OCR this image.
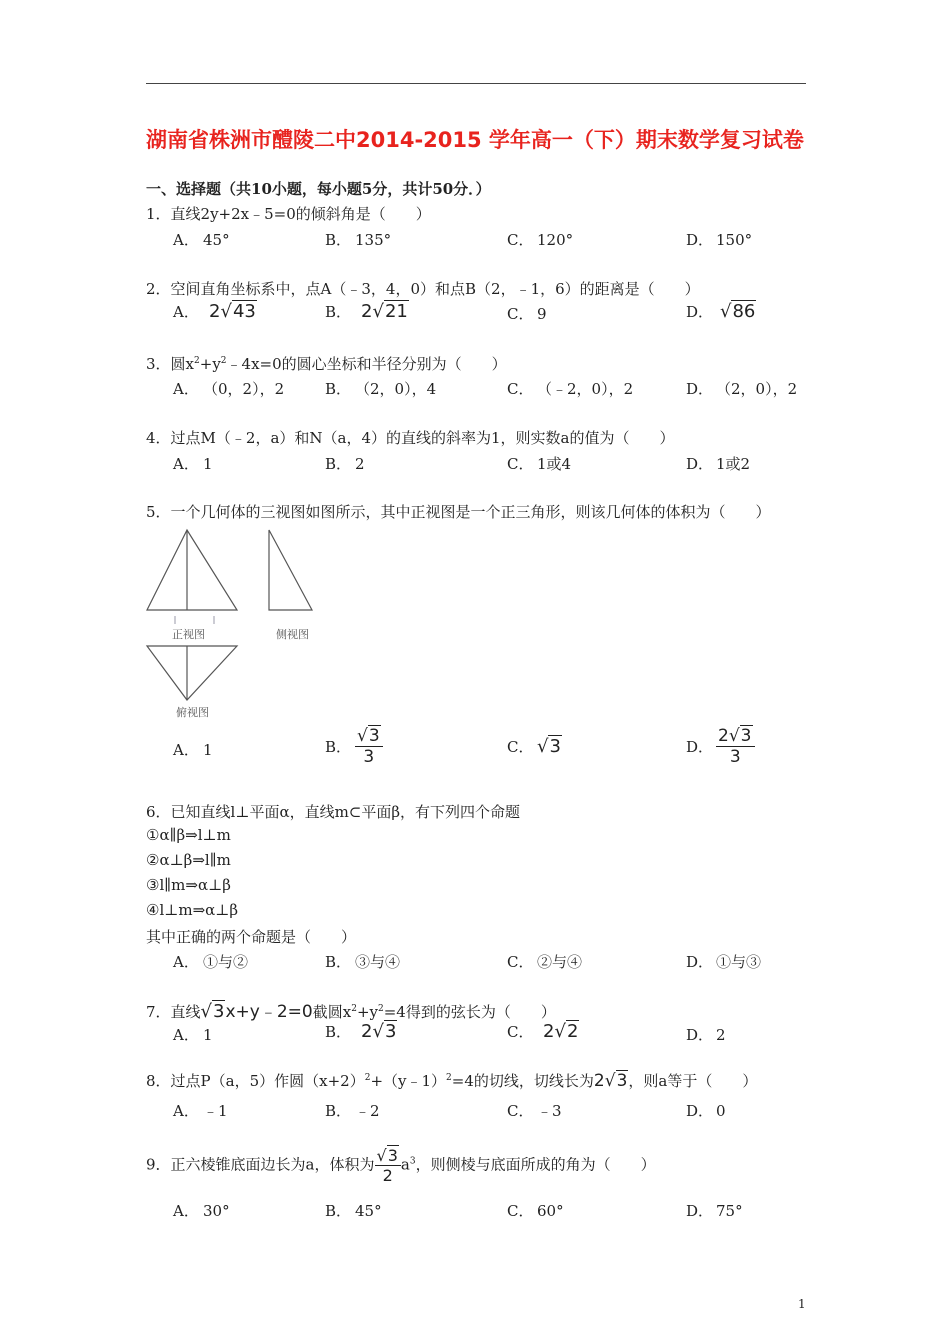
湖南省株洲市醴陵二中2014-2015 学年高一（下）期末数学复习试卷
一、选择题（共10小题，每小题5分，共计50分．）
1．直线2y+2x﹣5=0的倾斜角是（　　）
A． 45°	B． 135°	C． 120°	D． 150°
2．空间直角坐标系中，点A（﹣3，4，0）和点B（2，﹣1，6）的距离是（　　）
A． 2√43	B． 2√21	C． 9	D． √86
3．圆$x^2+y^2﹣4x=0$的圆心坐标和半径分别为（　　）
A． （0，2），2	B． （2，0），4	C． （﹣2，0），2	D． （2，0），2
4．过点M（﹣2，a）和N（a，4）的直线的斜率为1，则实数a的值为（　　）
A． 1	B． 2	C． 1或4	D． 1或2
5．一个几何体的三视图如图所示，其中正视图是一个正三角形，则该几何体的体积为（　　）
正视图	侧视图
俯视图
A． 1	B． $\frac{√3}{3}$	C． √3	D． $\frac{2√3}{3}$
6．已知直线l⊥平面α，直线m⊂平面β，有下列四个命题
①α∥β⇒l⊥m
②α⊥β⇒l∥m
③l∥m⇒α⊥β
④l⊥m⇒α⊥β
其中正确的两个命题是（　　）
A． ①与②	B． ③与④	C． ②与④	D． ①与③
7．直线√3x+y﹣2=0截圆$x^2+y^2=4$得到的弦长为（　　）
A． 1	B． 2√3	C． 2√2	D． 2
8．过点P（a，5）作圆$(x+2)^2+(y﹣1)^2=4$的切线，切线长为2√3，则a等于（　　）
A． ﹣1	B． ﹣2	C． ﹣3	D． 0
9．正六棱锥底面边长为a，体积为 $\frac{√3}{2} a^3$，则侧棱与底面所成的角为（　　）
A． 30°	B． 45°	C． 60°	D． 75°
1
